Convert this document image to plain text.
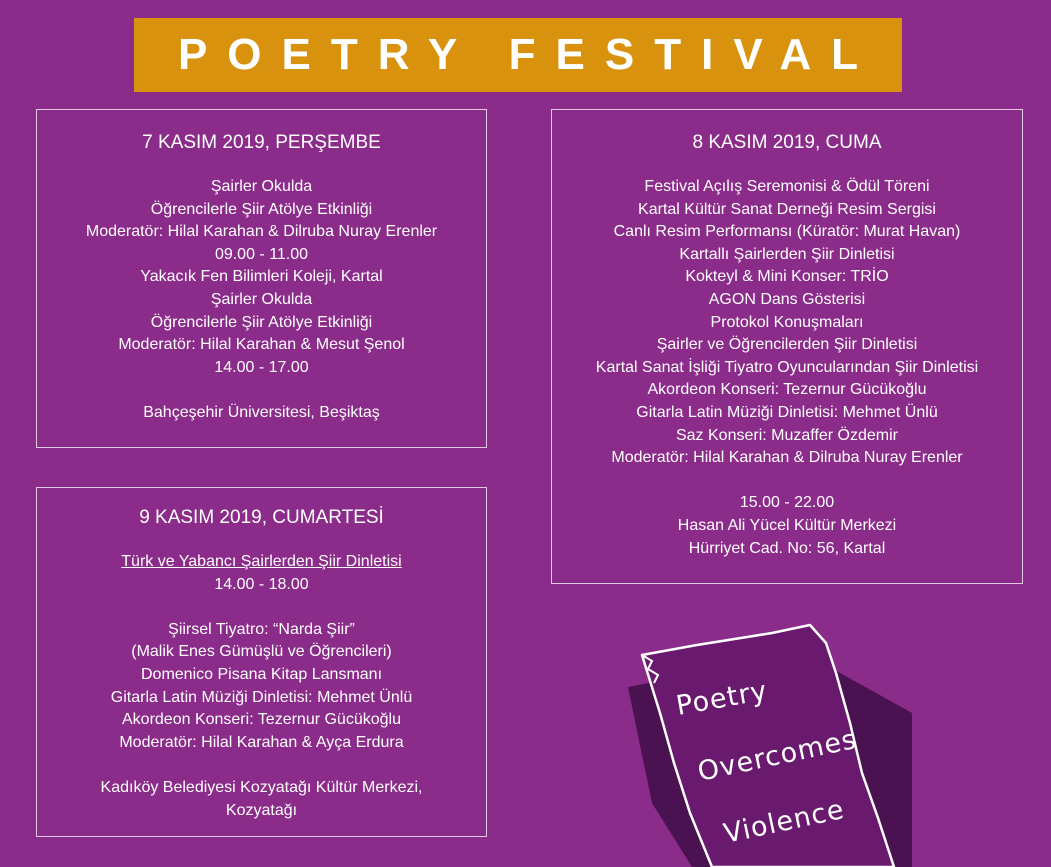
POETRY FESTIVAL
7 KASIM 2019, PERŞEMBE
Şairler Okulda
Öğrencilerle Şiir Atölye Etkinliği
Moderatör: Hilal Karahan & Dilruba Nuray Erenler
09.00 - 11.00
Yakacık Fen Bilimleri Koleji, Kartal
Şairler Okulda
Öğrencilerle Şiir Atölye Etkinliği
Moderatör: Hilal Karahan & Mesut Şenol
14.00 - 17.00
Bahçeşehir Üniversitesi, Beşiktaş
8 KASIM 2019, CUMA
Festival Açılış Seremonisi & Ödül Töreni
Kartal Kültür Sanat Derneği Resim Sergisi
Canlı Resim Performansı (Küratör: Murat Havan)
Kartallı Şairlerden Şiir Dinletisi
Kokteyl & Mini Konser: TRİO
AGON Dans Gösterisi
Protokol Konuşmaları
Şairler ve Öğrencilerden Şiir Dinletisi
Kartal Sanat İşliği Tiyatro Oyuncularından Şiir Dinletisi
Akordeon Konseri: Tezernur Gücükoğlu
Gitarla Latin Müziği Dinletisi: Mehmet Ünlü
Saz Konseri: Muzaffer Özdemir
Moderatör: Hilal Karahan & Dilruba Nuray Erenler
15.00 - 22.00
Hasan Ali Yücel Kültür Merkezi
Hürriyet Cad. No: 56, Kartal
9 KASIM 2019, CUMARTESİ
Türk ve Yabancı Şairlerden Şiir Dinletisi
14.00 - 18.00
Şiirsel Tiyatro: “Narda Şiir”
(Malik Enes Gümüşlü ve Öğrencileri)
Domenico Pisana Kitap Lansmanı
Gitarla Latin Müziği Dinletisi: Mehmet Ünlü
Akordeon Konseri: Tezernur Gücükoğlu
Moderatör: Hilal Karahan & Ayça Erdura
Kadıköy Belediyesi Kozyatağı Kültür Merkezi,
Kozyatağı
Poetry
Overcomes
Violence
